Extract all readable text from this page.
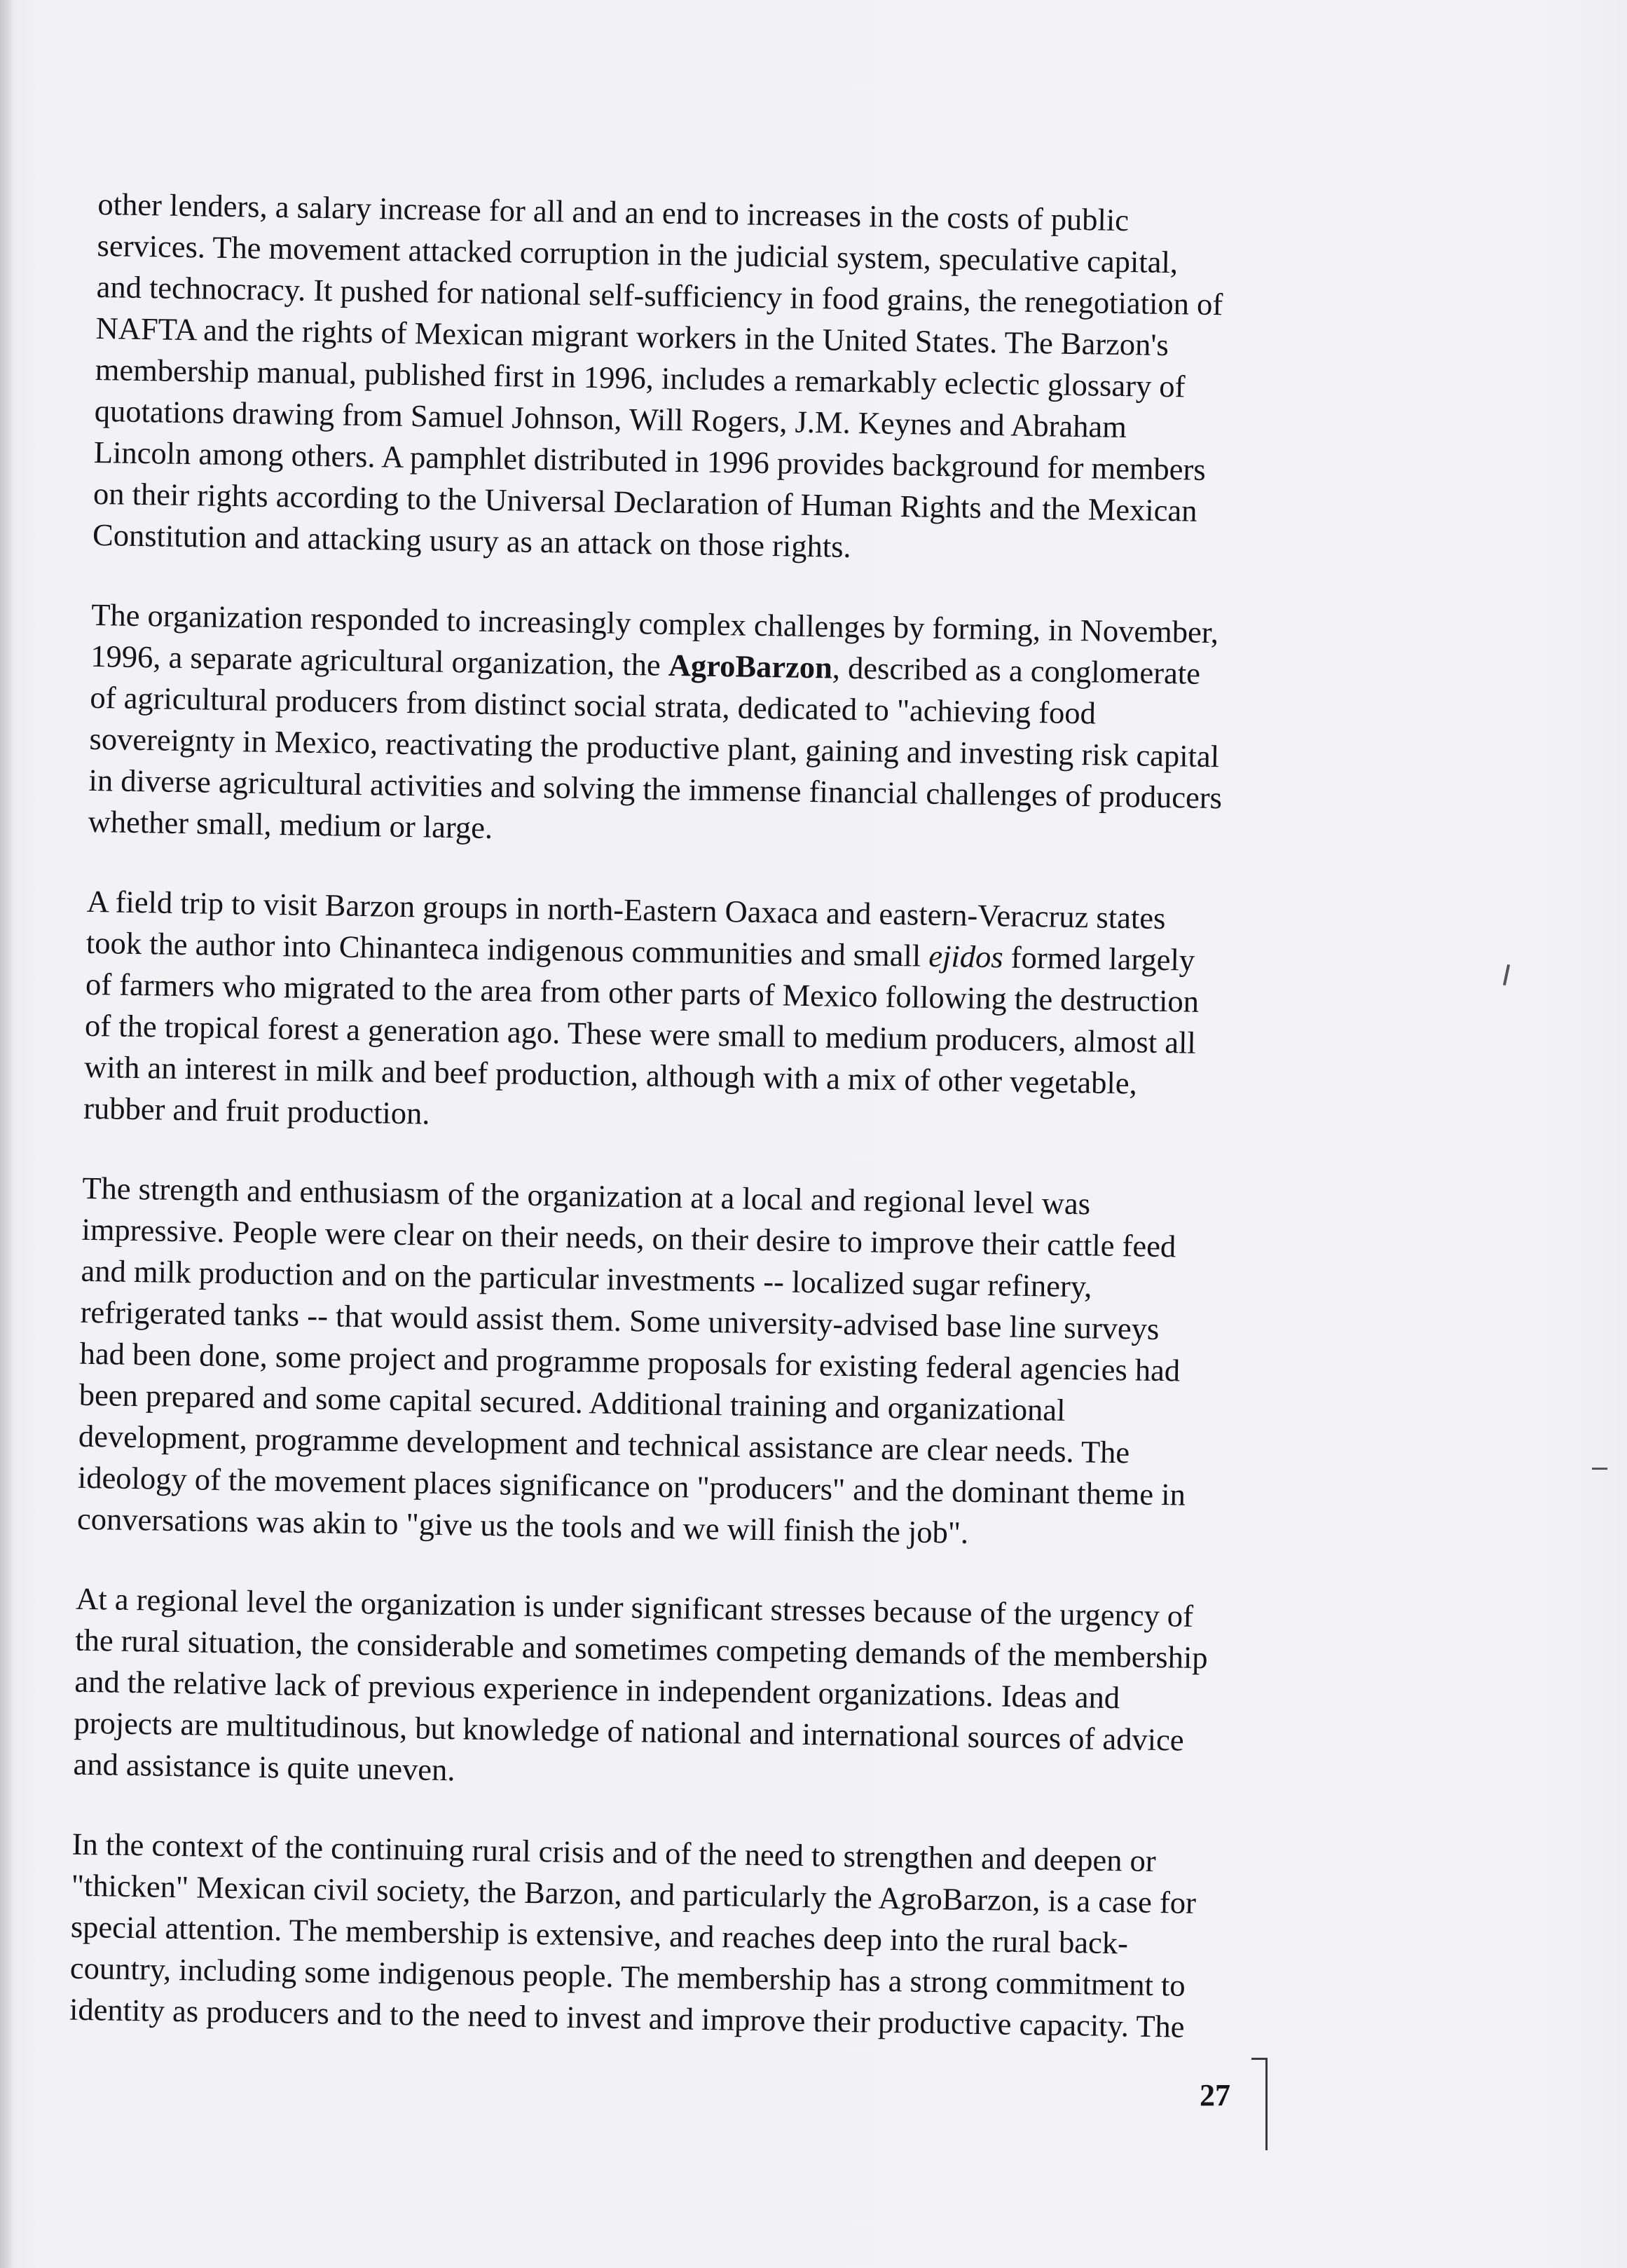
other lenders, a salary increase for all and an end to increases in the costs of public
services. The movement attacked corruption in the judicial system, speculative capital,
and technocracy. It pushed for national self-sufficiency in food grains, the renegotiation of
NAFTA and the rights of Mexican migrant workers in the United States. The Barzon's
membership manual, published first in 1996, includes a remarkably eclectic glossary of
quotations drawing from Samuel Johnson, Will Rogers, J.M. Keynes and Abraham
Lincoln among others. A pamphlet distributed in 1996 provides background for members
on their rights according to the Universal Declaration of Human Rights and the Mexican
Constitution and attacking usury as an attack on those rights.

The organization responded to increasingly complex challenges by forming, in November,
1996, a separate agricultural organization, the AgroBarzon, described as a conglomerate
of agricultural producers from distinct social strata, dedicated to "achieving food
sovereignty in Mexico, reactivating the productive plant, gaining and investing risk capital
in diverse agricultural activities and solving the immense financial challenges of producers
whether small, medium or large.

A field trip to visit Barzon groups in north-Eastern Oaxaca and eastern-Veracruz states
took the author into Chinanteca indigenous communities and small ejidos formed largely
of farmers who migrated to the area from other parts of Mexico following the destruction
of the tropical forest a generation ago. These were small to medium producers, almost all
with an interest in milk and beef production, although with a mix of other vegetable,
rubber and fruit production.

The strength and enthusiasm of the organization at a local and regional level was
impressive. People were clear on their needs, on their desire to improve their cattle feed
and milk production and on the particular investments -- localized sugar refinery,
refrigerated tanks -- that would assist them. Some university-advised base line surveys
had been done, some project and programme proposals for existing federal agencies had
been prepared and some capital secured. Additional training and organizational
development, programme development and technical assistance are clear needs. The
ideology of the movement places significance on "producers" and the dominant theme in
conversations was akin to "give us the tools and we will finish the job".

At a regional level the organization is under significant stresses because of the urgency of
the rural situation, the considerable and sometimes competing demands of the membership
and the relative lack of previous experience in independent organizations. Ideas and
projects are multitudinous, but knowledge of national and international sources of advice
and assistance is quite uneven.

In the context of the continuing rural crisis and of the need to strengthen and deepen or
"thicken" Mexican civil society, the Barzon, and particularly the AgroBarzon, is a case for
special attention. The membership is extensive, and reaches deep into the rural back-
country, including some indigenous people. The membership has a strong commitment to
identity as producers and to the need to invest and improve their productive capacity. The

27
